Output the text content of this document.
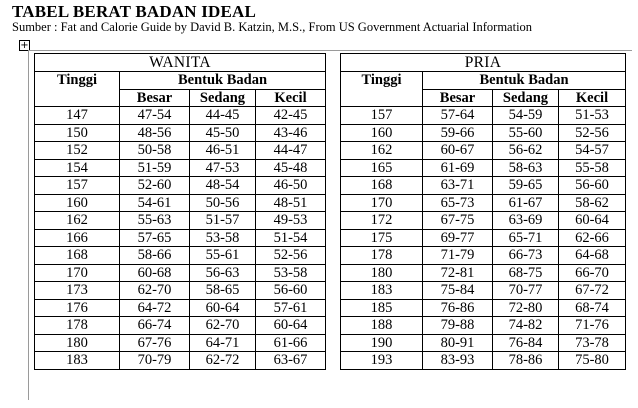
TABEL BERAT BADAN IDEAL
Sumber : Fat and Calorie Guide by David B. Katzin, M.S., From US Government Actuarial Information
+
WANITA			
Tinggi	Bentuk Badan		
	Besar	Sedang	Kecil
147	47-54	44-45	42-45
150	48-56	45-50	43-46
152	50-58	46-51	44-47
154	51-59	47-53	45-48
157	52-60	48-54	46-50
160	54-61	50-56	48-51
162	55-63	51-57	49-53
166	57-65	53-58	51-54
168	58-66	55-61	52-56
170	60-68	56-63	53-58
173	62-70	58-65	56-60
176	64-72	60-64	57-61
178	66-74	62-70	60-64
180	67-76	64-71	61-66
183	70-79	62-72	63-67
PRIA			
Tinggi	Bentuk Badan		
	Besar	Sedang	Kecil
157	57-64	54-59	51-53
160	59-66	55-60	52-56
162	60-67	56-62	54-57
165	61-69	58-63	55-58
168	63-71	59-65	56-60
170	65-73	61-67	58-62
172	67-75	63-69	60-64
175	69-77	65-71	62-66
178	71-79	66-73	64-68
180	72-81	68-75	66-70
183	75-84	70-77	67-72
185	76-86	72-80	68-74
188	79-88	74-82	71-76
190	80-91	76-84	73-78
193	83-93	78-86	75-80
